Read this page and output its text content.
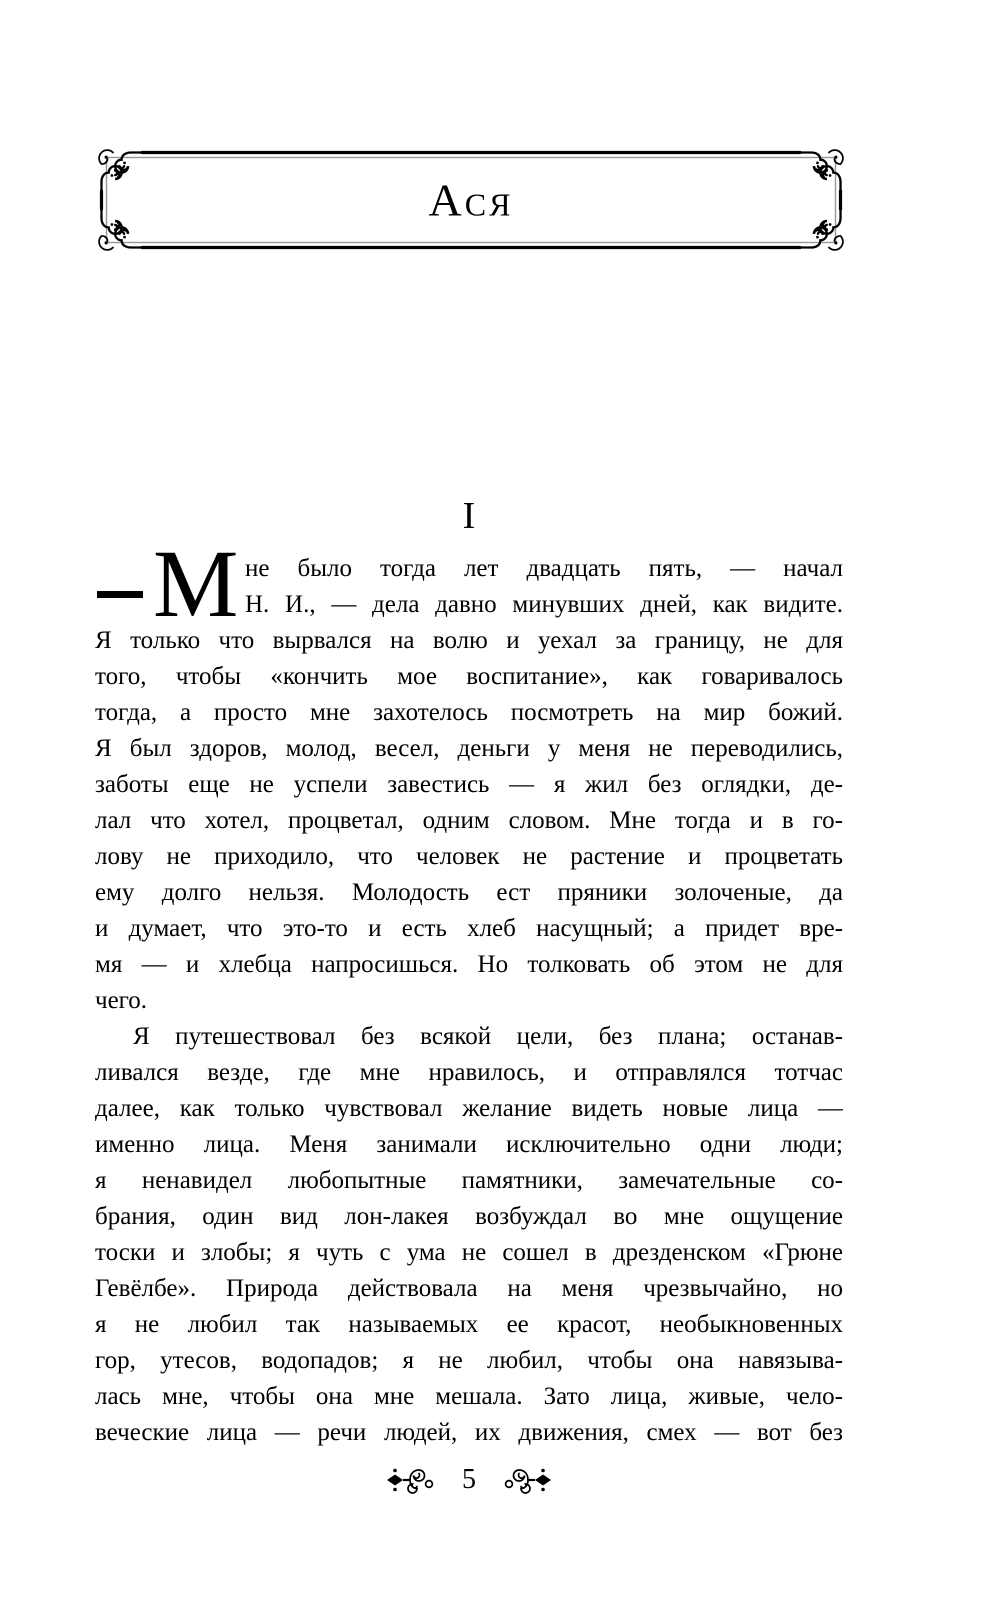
Ася
I
М не было тогда лет двадцать пять, — начал
Н. И., — дела давно минувших дней, как видите.
Я только что вырвался на волю и уехал за границу, не для
того, чтобы «кончить мое воспитание», как говаривалось
тогда, а просто мне захотелось посмотреть на мир божий.
Я был здоров, молод, весел, деньги у меня не переводились,
заботы еще не успели завестись — я жил без оглядки, де-
лал что хотел, процветал, одним словом. Мне тогда и в го-
лову не приходило, что человек не растение и процветать
ему долго нельзя. Молодость ест пряники золоченые, да
и думает, что это-то и есть хлеб насущный; а придет вре-
мя — и хлебца напросишься. Но толковать об этом не для
чего.
Я путешествовал без всякой цели, без плана; останав-
ливался везде, где мне нравилось, и отправлялся тотчас
далее, как только чувствовал желание видеть новые лица —
именно лица. Меня занимали исключительно одни люди;
я ненавидел любопытные памятники, замечательные со-
брания, один вид лон-лакея возбуждал во мне ощущение
тоски и злобы; я чуть с ума не сошел в дрезденском «Грюне
Гевёлбе». Природа действовала на меня чрезвычайно, но
я не любил так называемых ее красот, необыкновенных
гор, утесов, водопадов; я не любил, чтобы она навязыва-
лась мне, чтобы она мне мешала. Зато лица, живые, чело-
веческие лица — речи людей, их движения, смех — вот без
5
